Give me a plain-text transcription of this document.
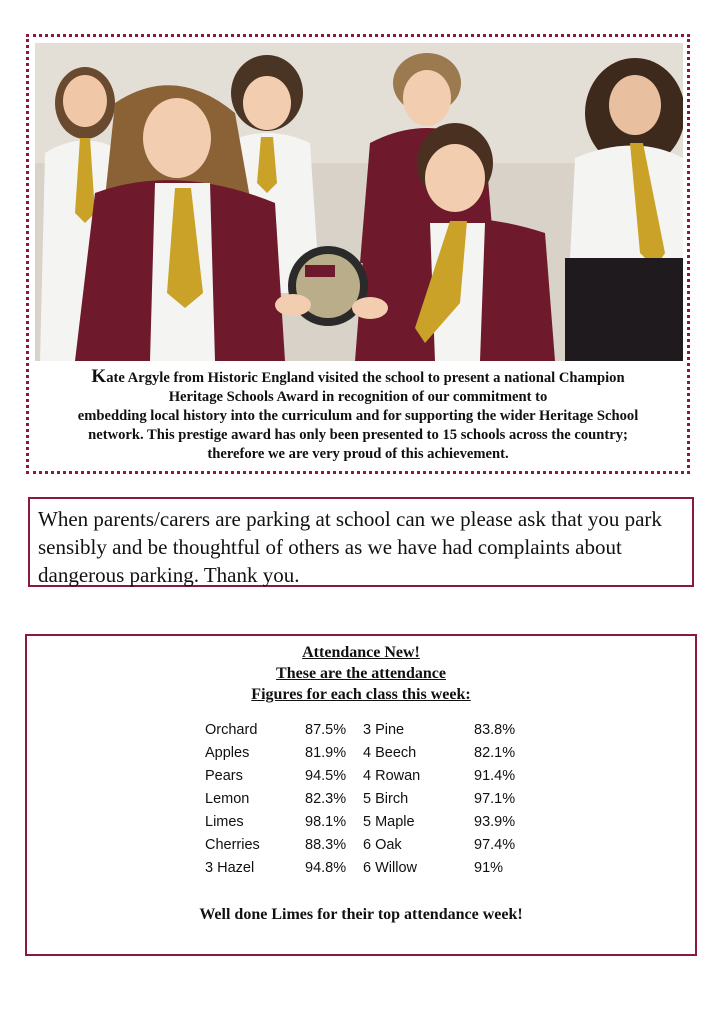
Kate Argyle from Historic England visited the school to present a national Champion
Heritage Schools Award in recognition of our commitment to
embedding local history into the curriculum and for supporting the wider Heritage School
network. This prestige award has only been presented to 15 schools across the country;
therefore we are very proud of this achievement.
When parents/carers are parking at school can we please ask that you park
sensibly and be thoughtful of others as we have had complaints about
dangerous parking. Thank you.
Attendance New!
These are the attendance
Figures for each class this week:
Orchard	87.5%	3 Pine	83.8%
Apples	81.9%	4 Beech	82.1%
Pears	94.5%	4 Rowan	91.4%
Lemon	82.3%	5 Birch	97.1%
Limes	98.1%	5 Maple	93.9%
Cherries	88.3%	6 Oak	97.4%
3 Hazel	94.8%	6 Willow	91%
Well done Limes for their top attendance week!
